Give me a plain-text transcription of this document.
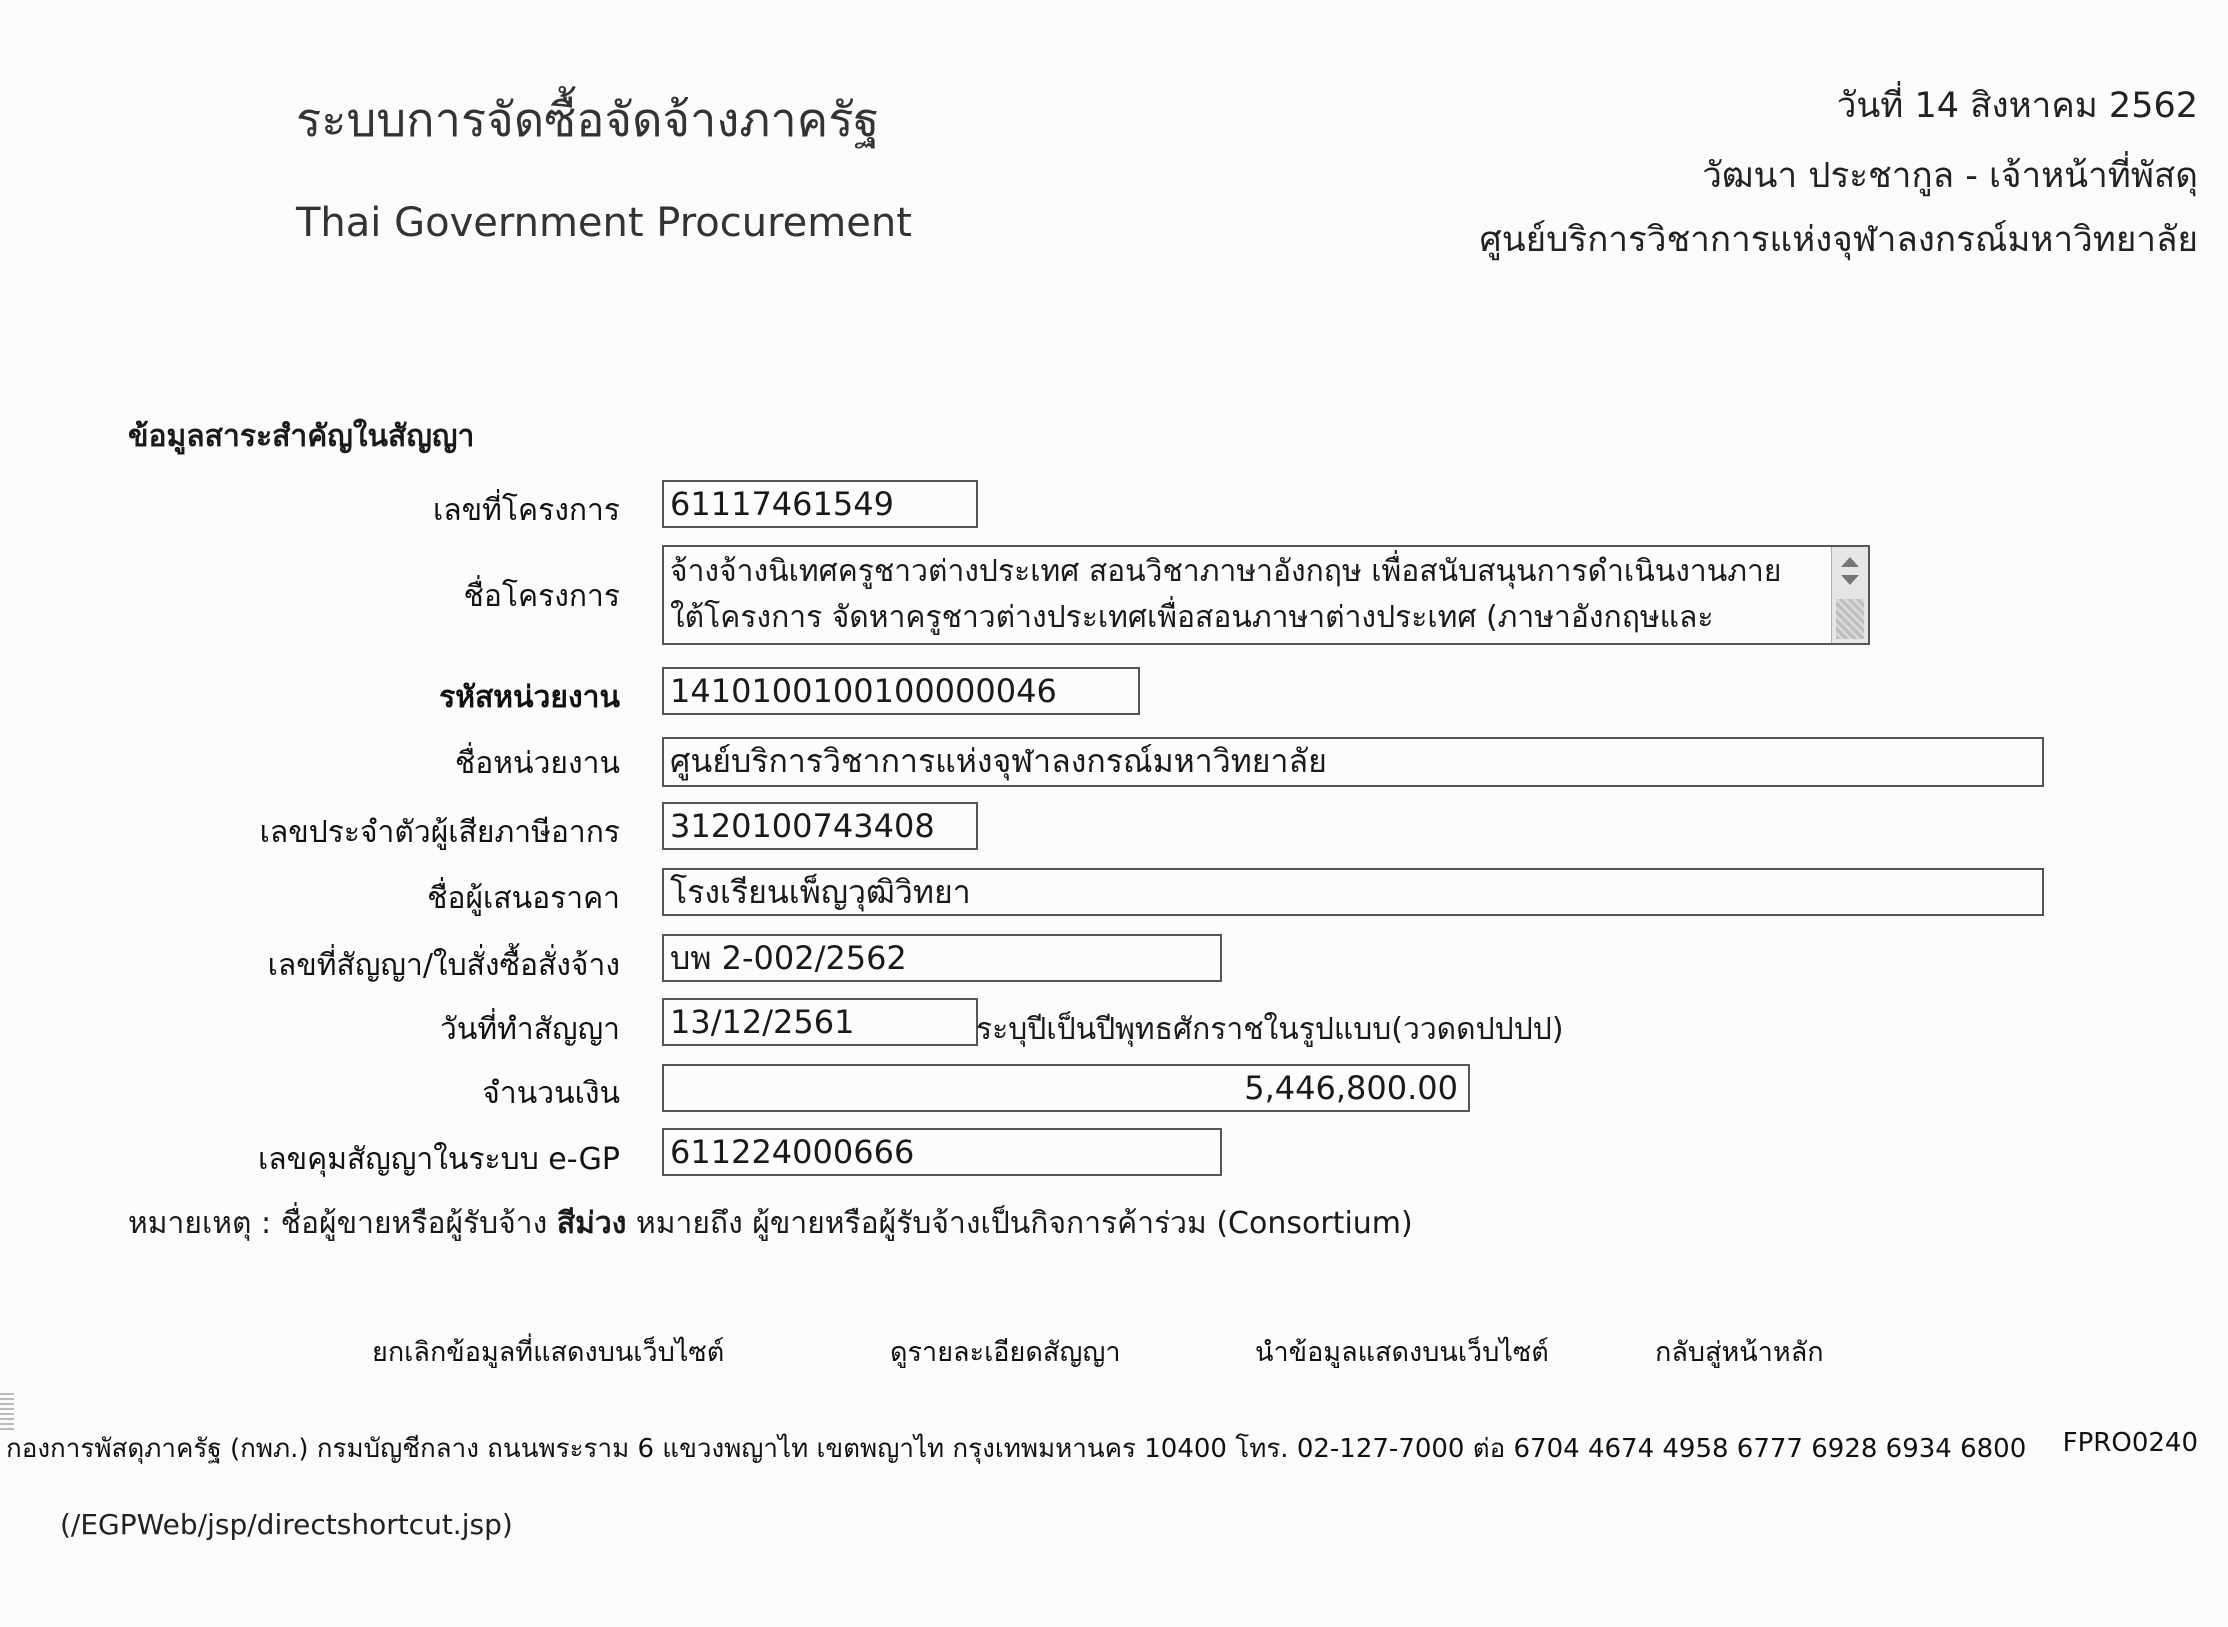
ระบบการจัดซื้อจัดจ้างภาครัฐ
Thai Government Procurement
วันที่ 14 สิงหาคม 2562
วัฒนา ประชากูล - เจ้าหน้าที่พัสดุ
ศูนย์บริการวิชาการแห่งจุฬาลงกรณ์มหาวิทยาลัย
ข้อมูลสาระสำคัญในสัญญา
เลขที่โครงการ 61117461549
ชื่อโครงการ
จ้างจ้างนิเทศครูชาวต่างประเทศ สอนวิชาภาษาอังกฤษ เพื่อสนับสนุนการดำเนินงานภายใต้โครงการ จัดหาครูชาวต่างประเทศเพื่อสอนภาษาต่างประเทศ (ภาษาอังกฤษและ
รหัสหน่วยงาน 1410100100100000046
ชื่อหน่วยงาน ศูนย์บริการวิชาการแห่งจุฬาลงกรณ์มหาวิทยาลัย
เลขประจำตัวผู้เสียภาษีอากร 3120100743408
ชื่อผู้เสนอราคา โรงเรียนเพ็ญวุฒิวิทยา
เลขที่สัญญา/ใบสั่งซื้อสั่งจ้าง บพ 2-002/2562
วันที่ทำสัญญา 13/12/2561	ระบุปีเป็นปีพุทธศักราชในรูปแบบ(ววดดปปปป)
จำนวนเงิน	5,446,800.00
เลขคุมสัญญาในระบบ e-GP 611224000666
หมายเหตุ : ชื่อผู้ขายหรือผู้รับจ้าง สีม่วง หมายถึง ผู้ขายหรือผู้รับจ้างเป็นกิจการค้าร่วม (Consortium)
ยกเลิกข้อมูลที่แสดงบนเว็บไซต์	ดูรายละเอียดสัญญา	นำข้อมูลแสดงบนเว็บไซต์	กลับสู่หน้าหลัก
กองการพัสดุภาครัฐ (กพภ.) กรมบัญชีกลาง ถนนพระราม 6 แขวงพญาไท เขตพญาไท กรุงเทพมหานคร 10400 โทร. 02-127-7000 ต่อ 6704 4674 4958 6777 6928 6934 6800 FPRO0240
(/EGPWeb/jsp/directshortcut.jsp)
